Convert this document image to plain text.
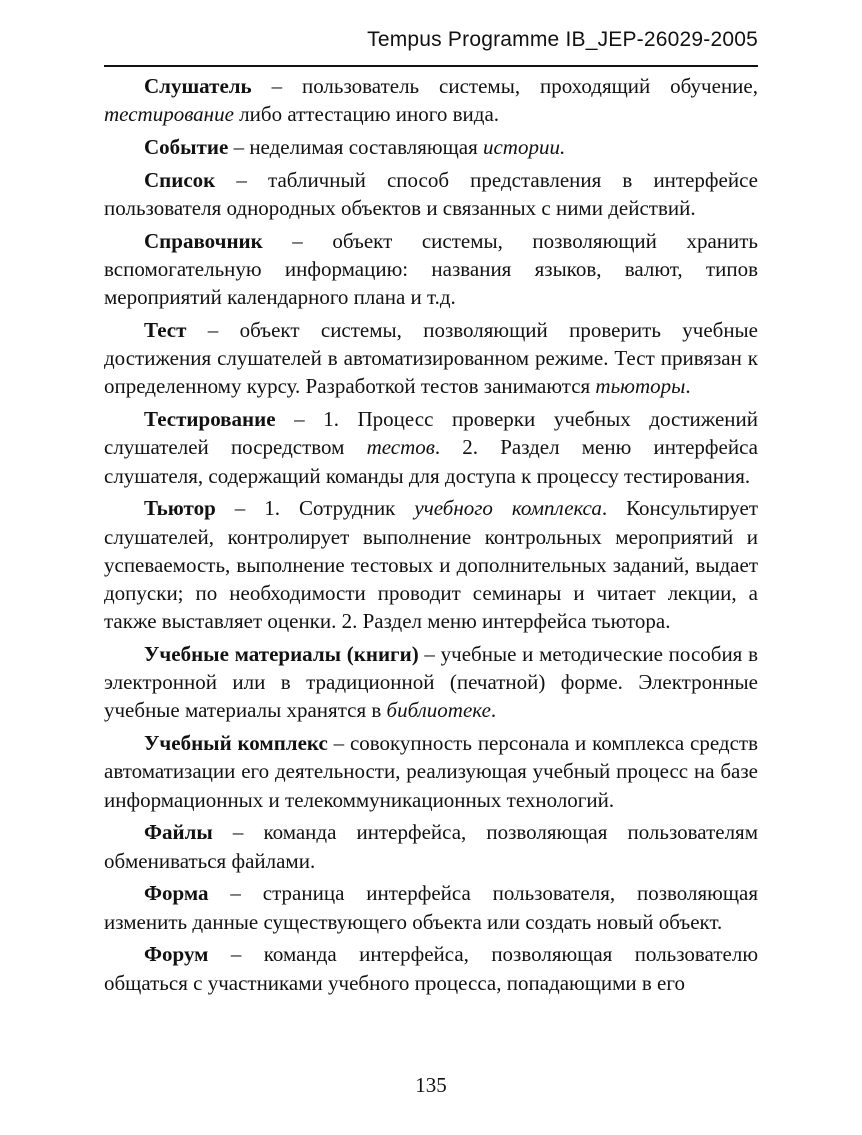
Tempus Programme IB_JEP-26029-2005

Слушатель – пользователь системы, проходящий обучение, тестирование либо аттестацию иного вида.

Событие – неделимая составляющая истории.

Список – табличный способ представления в интерфейсе пользователя однородных объектов и связанных с ними действий.

Справочник – объект системы, позволяющий хранить вспомогательную информацию: названия языков, валют, типов мероприятий календарного плана и т.д.

Тест – объект системы, позволяющий проверить учебные достижения слушателей в автоматизированном режиме. Тест привязан к определенному курсу. Разработкой тестов занимаются тьюторы.

Тестирование – 1. Процесс проверки учебных достижений слушателей посредством тестов. 2. Раздел меню интерфейса слушателя, содержащий команды для доступа к процессу тестирования.

Тьютор – 1. Сотрудник учебного комплекса. Консультирует слушателей, контролирует выполнение контрольных мероприятий и успеваемость, выполнение тестовых и дополнительных заданий, выдает допуски; по необходимости проводит семинары и читает лекции, а также выставляет оценки. 2. Раздел меню интерфейса тьютора.

Учебные материалы (книги) – учебные и методические пособия в электронной или в традиционной (печатной) форме. Электронные учебные материалы хранятся в библиотеке.

Учебный комплекс – совокупность персонала и комплекса средств автоматизации его деятельности, реализующая учебный процесс на базе информационных и телекоммуникационных технологий.

Файлы – команда интерфейса, позволяющая пользователям обмениваться файлами.

Форма – страница интерфейса пользователя, позволяющая изменить данные существующего объекта или создать новый объект.

Форум – команда интерфейса, позволяющая пользователю общаться с участниками учебного процесса, попадающими в его

135
